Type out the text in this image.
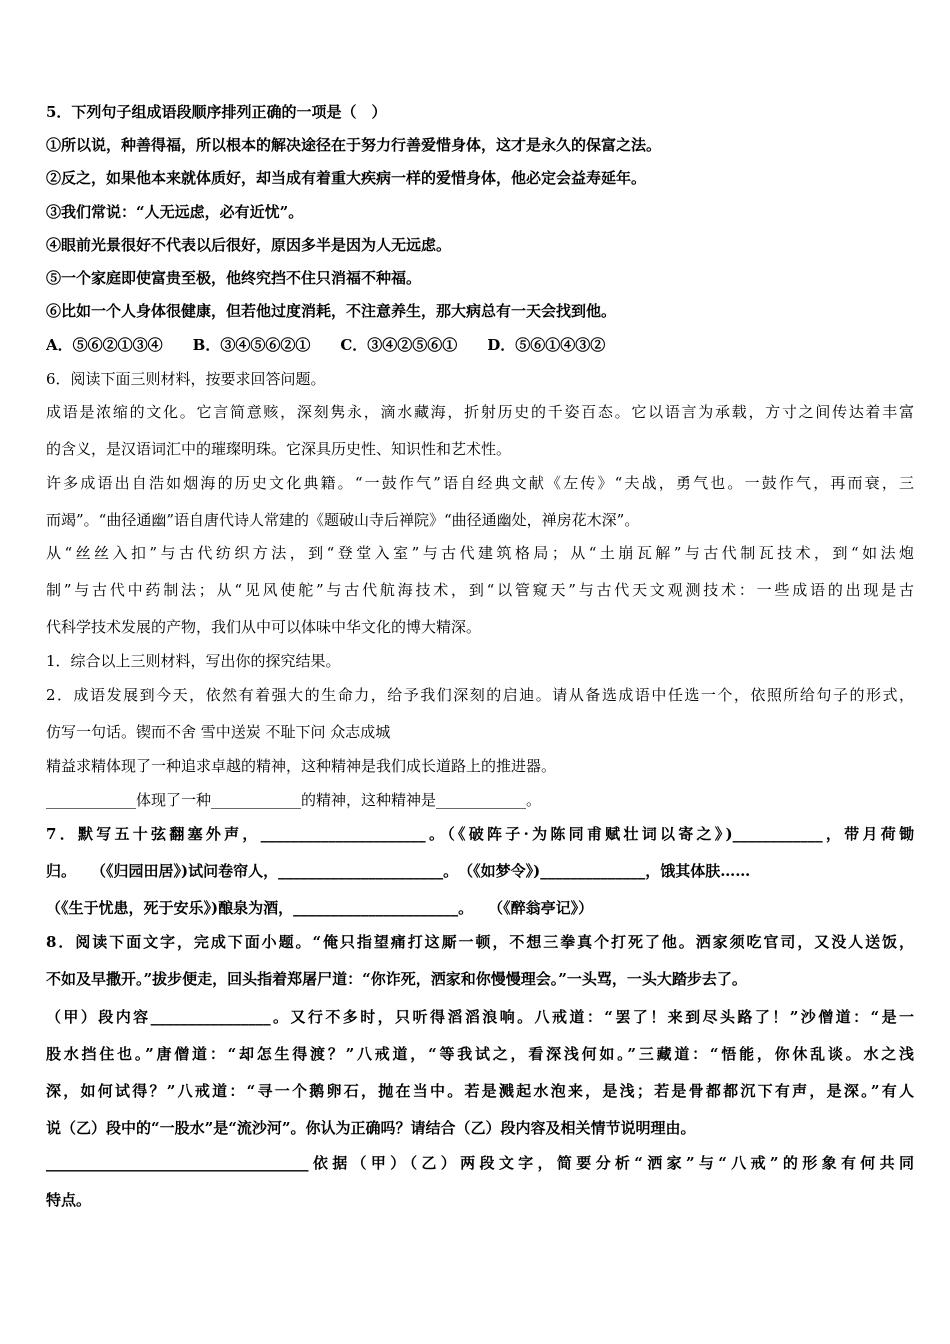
5．下列句子组成语段顺序排列正确的一项是（　）
①所以说，种善得福，所以根本的解决途径在于努力行善爱惜身体，这才是永久的保富之法。
②反之，如果他本来就体质好，却当成有着重大疾病一样的爱惜身体，他必定会益寿延年。
③我们常说：“人无远虑，必有近忧”。
④眼前光景很好不代表以后很好，原因多半是因为人无远虑。
⑤一个家庭即使富贵至极，他终究挡不住只消福不种福。
⑥比如一个人身体很健康，但若他过度消耗，不注意养生，那大病总有一天会找到他。
A．⑤⑥②①③④　　B．③④⑤⑥②①　　C．③④②⑤⑥①　　D．⑤⑥①④③②
6．阅读下面三则材料，按要求回答问题。
成语是浓缩的文化。它言简意赅，深刻隽永，滴水藏海，折射历史的千姿百态。它以语言为承载，方寸之间传达着丰富
的含义，是汉语词汇中的璀璨明珠。它深具历史性、知识性和艺术性。
许多成语出自浩如烟海的历史文化典籍。“一鼓作气”语自经典文献《左传》“夫战，勇气也。一鼓作气，再而衰，三
而竭”。“曲径通幽”语自唐代诗人常建的《题破山寺后禅院》“曲径通幽处，禅房花木深”。
从“丝丝入扣”与古代纺织方法，到“登堂入室”与古代建筑格局；从“土崩瓦解”与古代制瓦技术，到“如法炮
制”与古代中药制法；从“见风使舵”与古代航海技术，到“以管窥天”与古代天文观测技术：一些成语的出现是古
代科学技术发展的产物，我们从中可以体味中华文化的博大精深。
1．综合以上三则材料，写出你的探究结果。
2．成语发展到今天，依然有着强大的生命力，给予我们深刻的启迪。请从备选成语中任选一个，依照所给句子的形式，
仿写一句话。锲而不舍 雪中送炭 不耻下问 众志成城
精益求精体现了一种追求卓越的精神，这种精神是我们成长道路上的推进器。
____________体现了一种____________的精神，这种精神是____________。
7．默写五十弦翻塞外声，______________________。（《破阵子·为陈同甫赋壮词以寄之》)____________，带月荷锄
归。　　（《归园田居》)试问卷帘人，______________________。　（《如梦令》)______________，饿其体肤……
（《生于忧患，死于安乐》)酿泉为酒，______________________。　　（《醉翁亭记》）
8．阅读下面文字，完成下面小题。“俺只指望痛打这厮一顿，不想三拳真个打死了他。洒家须吃官司，又没人送饭，
不如及早撒开。”拔步便走，回头指着郑屠尸道：“你诈死，洒家和你慢慢理会。”一头骂，一头大踏步去了。
（甲）段内容________________。又行不多时，只听得滔滔浪响。八戒道：“罢了！来到尽头路了！”沙僧道：“是一
股水挡住也。”唐僧道：“却怎生得渡？”八戒道，“等我试之，看深浅何如。”三藏道：“悟能，你休乱谈。水之浅
深，如何试得？”八戒道：“寻一个鹅卵石，抛在当中。若是溅起水泡来，是浅；若是骨都都沉下有声，是深。”有人
说（乙）段中的“一股水”是“流沙河”。你认为正确吗？请结合（乙）段内容及相关情节说明理由。
___________________________________依据（甲）（乙）两段文字，简要分析“洒家”与“八戒”的形象有何共同
特点。
